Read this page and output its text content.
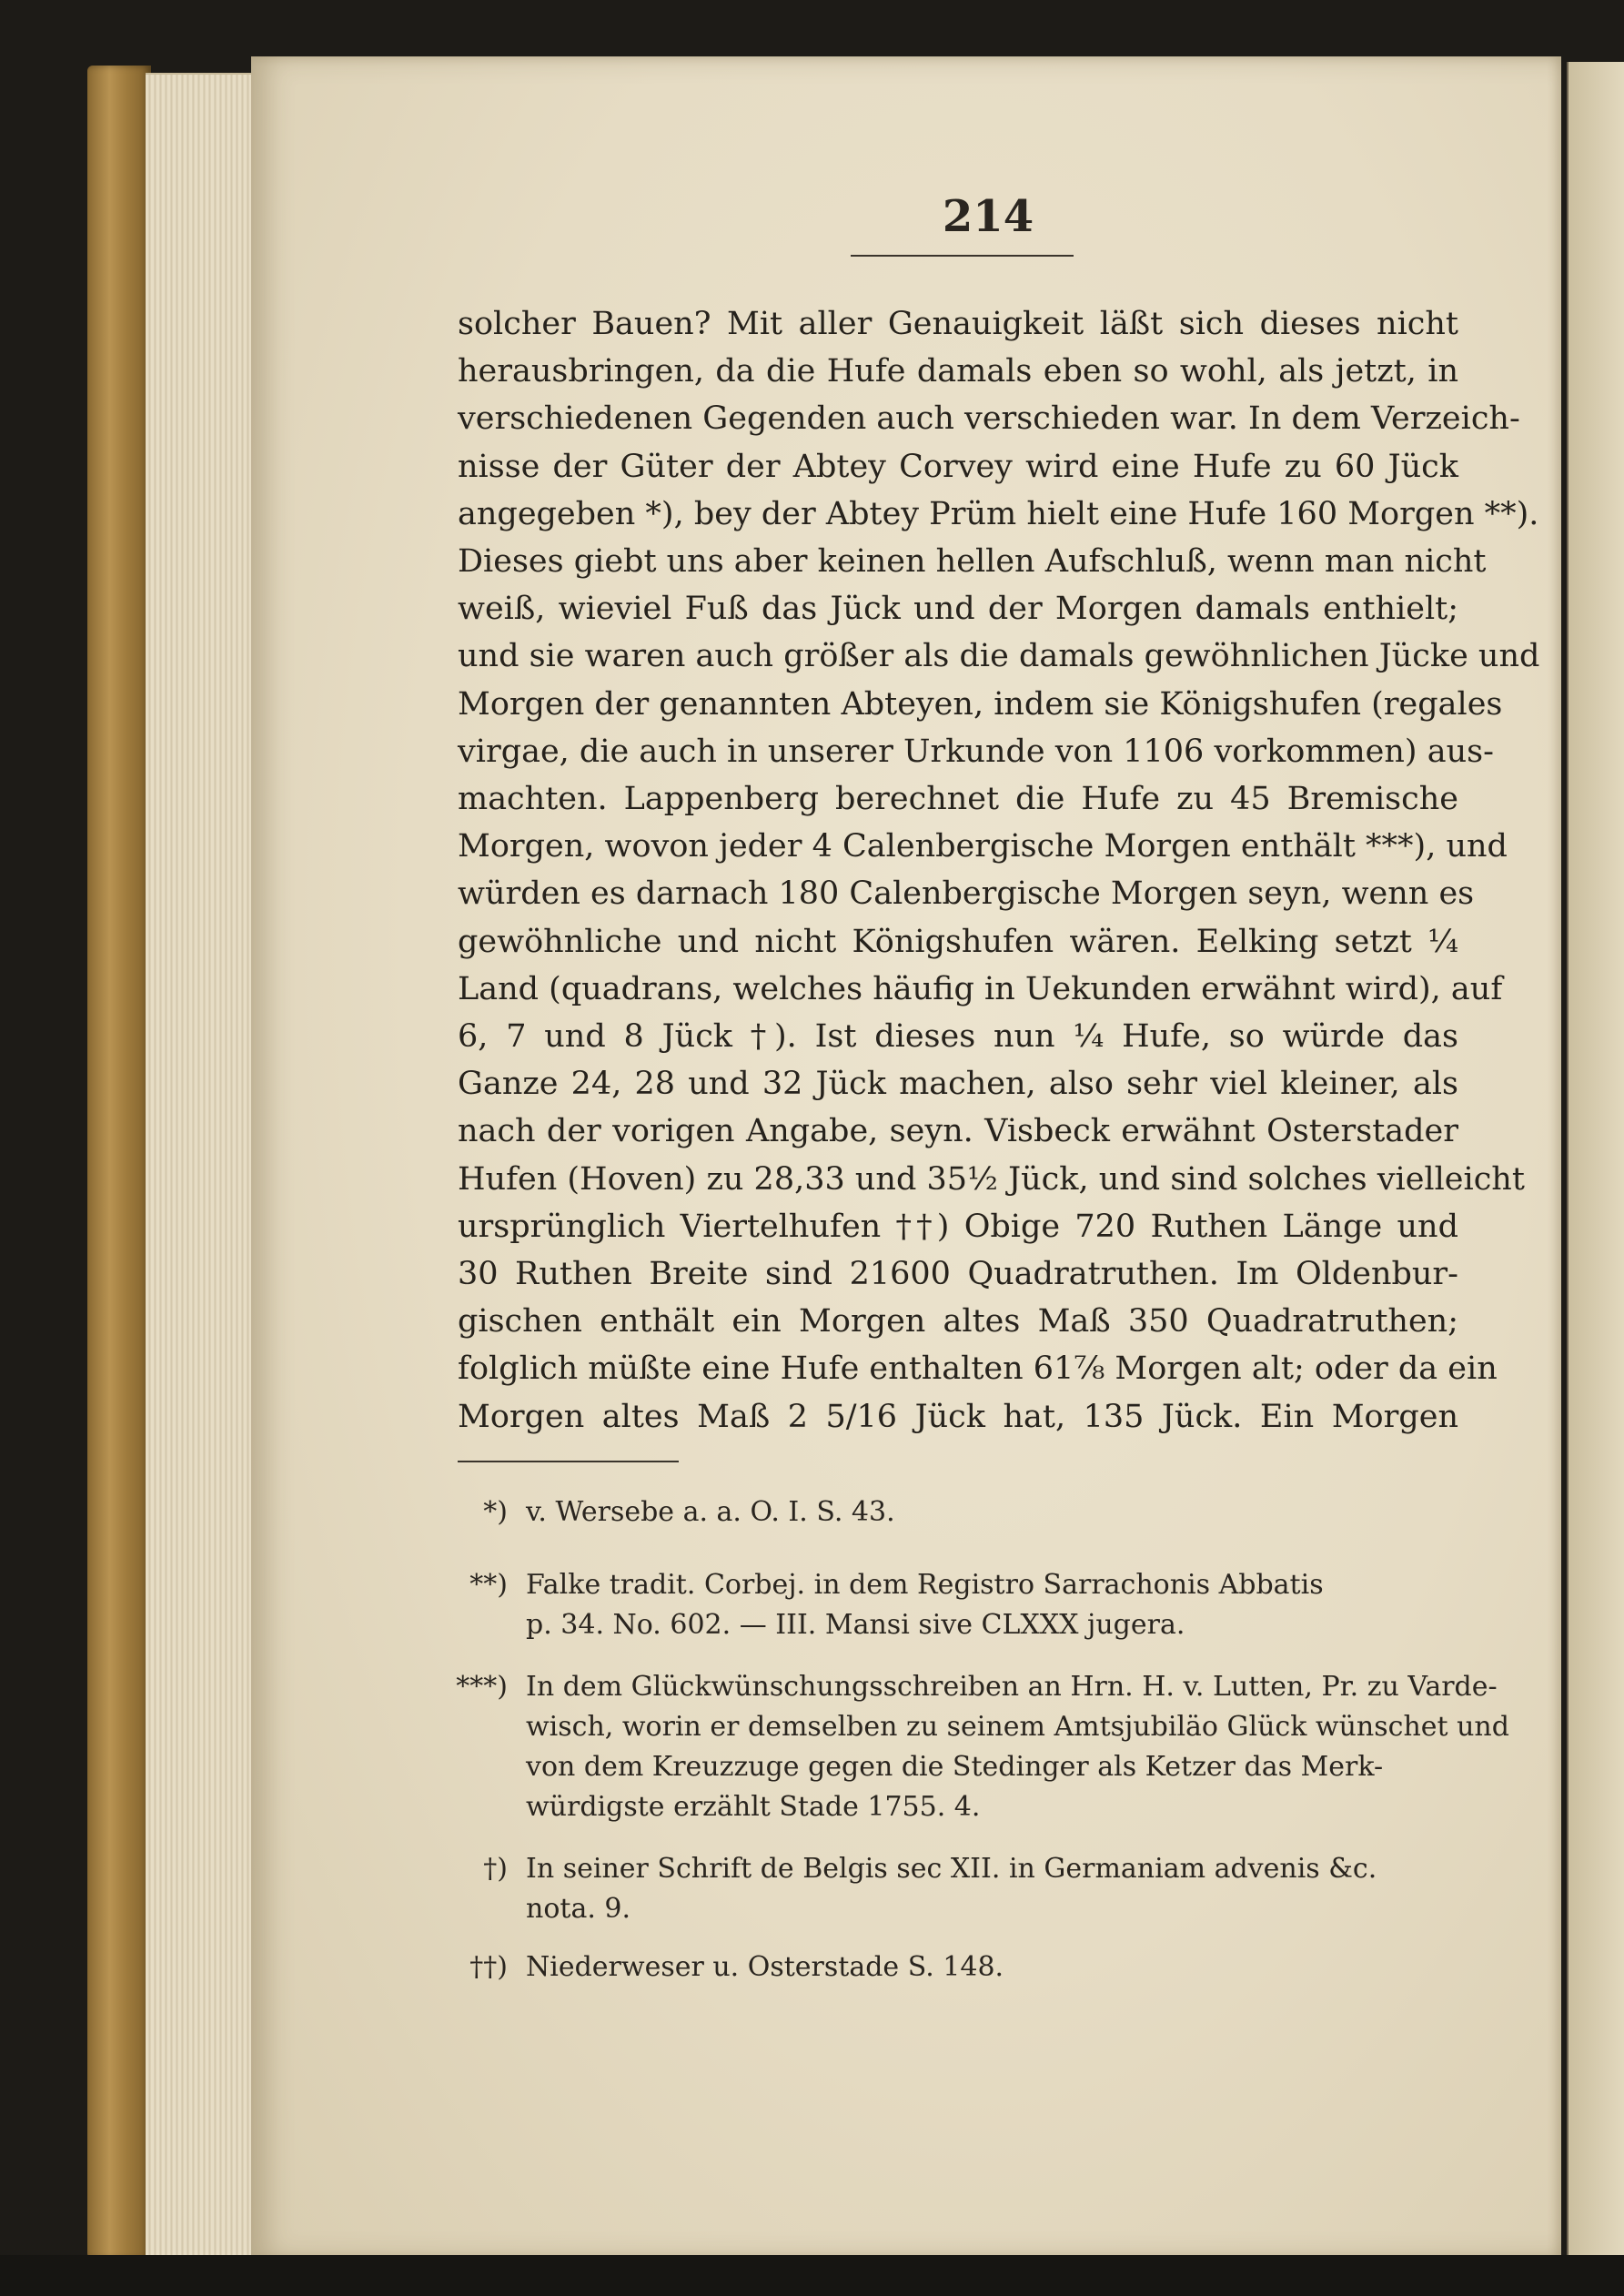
214
solcher Bauen? Mit aller Genauigkeit läßt sich dieses nicht
herausbringen, da die Hufe damals eben so wohl, als jetzt, in
verschiedenen Gegenden auch verschieden war. In dem Verzeich-
nisse der Güter der Abtey Corvey wird eine Hufe zu 60 Jück
angegeben *), bey der Abtey Prüm hielt eine Hufe 160 Morgen **).
Dieses giebt uns aber keinen hellen Aufschluß, wenn man nicht
weiß, wieviel Fuß das Jück und der Morgen damals enthielt;
und sie waren auch größer als die damals gewöhnlichen Jücke und
Morgen der genannten Abteyen, indem sie Königshufen (regales
virgae, die auch in unserer Urkunde von 1106 vorkommen) aus-
machten. Lappenberg berechnet die Hufe zu 45 Bremische
Morgen, wovon jeder 4 Calenbergische Morgen enthält ***), und
würden es darnach 180 Calenbergische Morgen seyn, wenn es
gewöhnliche und nicht Königshufen wären. Eelking setzt ¼
Land (quadrans, welches häufig in Uekunden erwähnt wird), auf
6, 7 und 8 Jück †). Ist dieses nun ¼ Hufe, so würde das
Ganze 24, 28 und 32 Jück machen, also sehr viel kleiner, als
nach der vorigen Angabe, seyn. Visbeck erwähnt Osterstader
Hufen (Hoven) zu 28,33 und 35½ Jück, und sind solches vielleicht
ursprünglich Viertelhufen ††) Obige 720 Ruthen Länge und
30 Ruthen Breite sind 21600 Quadratruthen. Im Oldenbur-
gischen enthält ein Morgen altes Maß 350 Quadratruthen;
folglich müßte eine Hufe enthalten 61⅞ Morgen alt; oder da ein
Morgen altes Maß 2 5/16 Jück hat, 135 Jück. Ein Morgen
*) v. Wersebe a. a. O. I. S. 43.
**) Falke tradit. Corbej. in dem Registro Sarrachonis Abbatis
p. 34. No. 602. — III. Mansi sive CLXXX jugera.
***) In dem Glückwünschungsschreiben an Hrn. H. v. Lutten, Pr. zu Varde-
wisch, worin er demselben zu seinem Amtsjubiläo Glück wünschet und
von dem Kreuzzuge gegen die Stedinger als Ketzer das Merk-
würdigste erzählt Stade 1755. 4.
†) In seiner Schrift de Belgis sec XII. in Germaniam advenis &c.
nota. 9.
††) Niederweser u. Osterstade S. 148.
